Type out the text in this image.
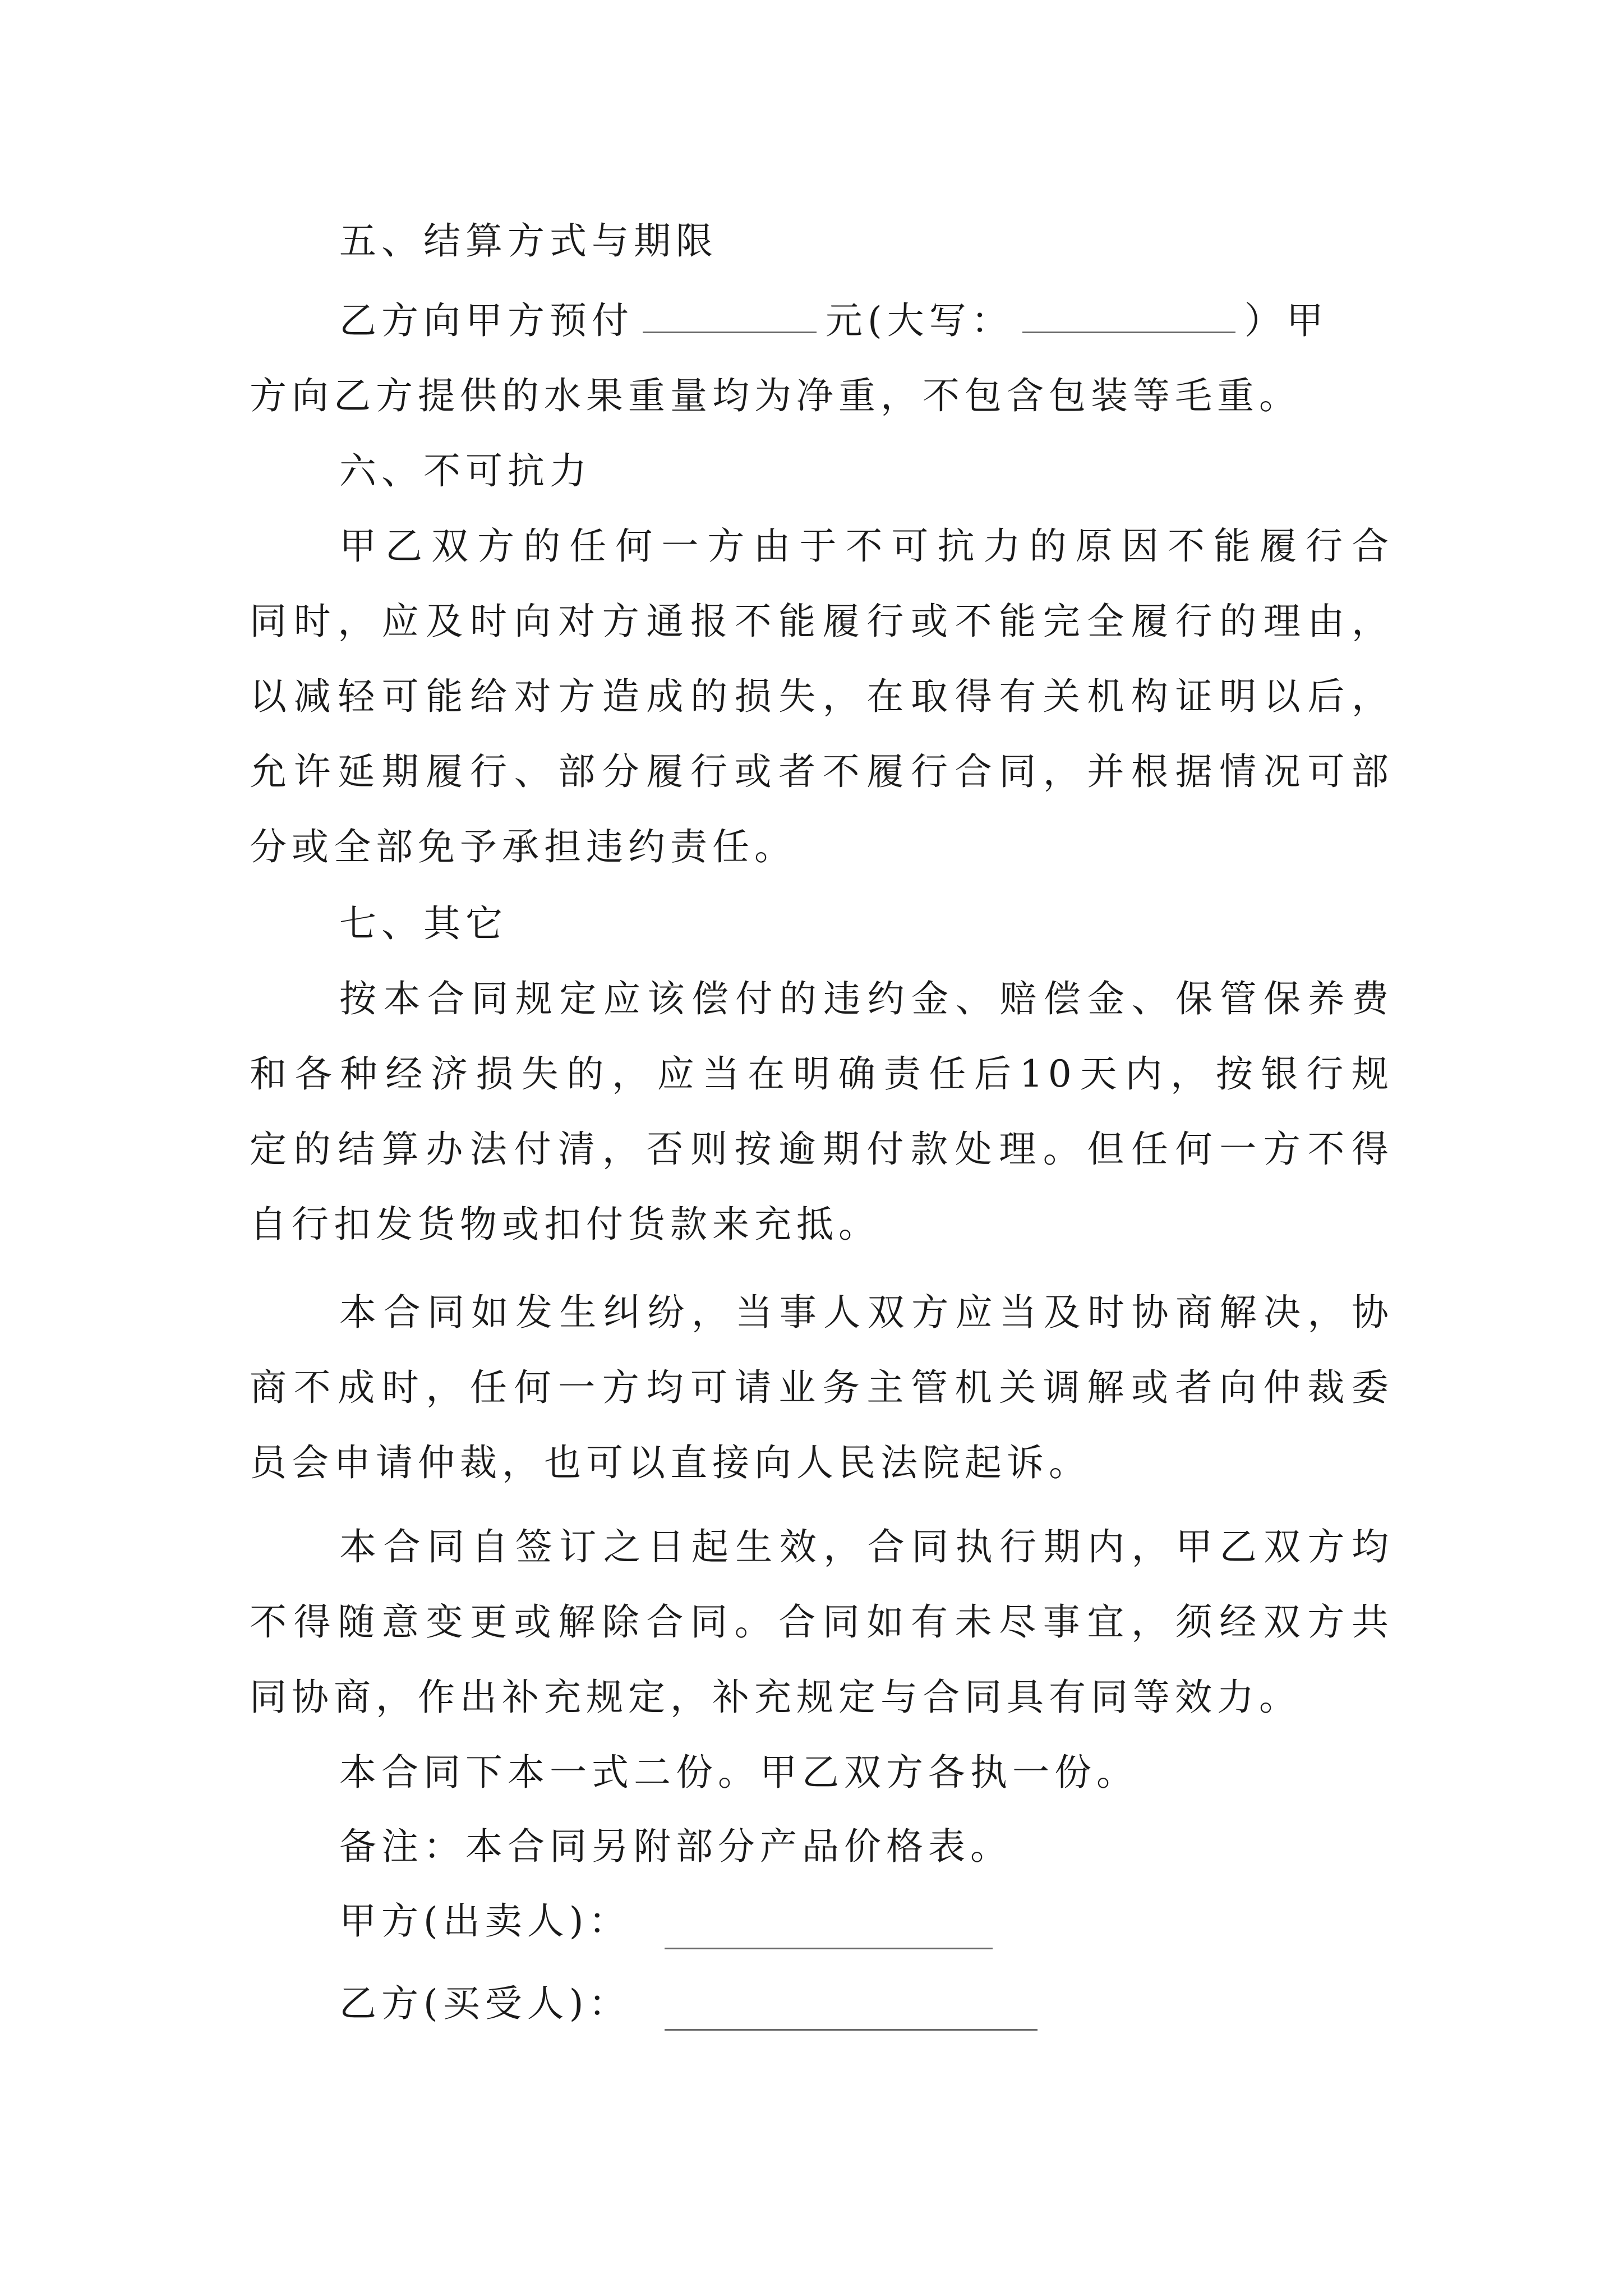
五、结算方式与期限
乙方向甲方预付	元(大写：	）甲
方向乙方提供的水果重量均为净重，不包含包装等毛重。
六、不可抗力
甲乙双方的任何一方由于不可抗力的原因不能履行合
同时，应及时向对方通报不能履行或不能完全履行的理由，
以减轻可能给对方造成的损失，在取得有关机构证明以后，
允许延期履行、部分履行或者不履行合同，并根据情况可部
分或全部免予承担违约责任。
七、其它
按本合同规定应该偿付的违约金、赔偿金、保管保养费
和各种经济损失的，应当在明确责任后10天内，按银行规
定的结算办法付清，否则按逾期付款处理。但任何一方不得
自行扣发货物或扣付货款来充抵。
本合同如发生纠纷，当事人双方应当及时协商解决，协
商不成时，任何一方均可请业务主管机关调解或者向仲裁委
员会申请仲裁，也可以直接向人民法院起诉。
本合同自签订之日起生效，合同执行期内，甲乙双方均
不得随意变更或解除合同。合同如有未尽事宜，须经双方共
同协商，作出补充规定，补充规定与合同具有同等效力。
本合同下本一式二份。甲乙双方各执一份。
备注：本合同另附部分产品价格表。
甲方(出卖人)：
乙方(买受人)：
